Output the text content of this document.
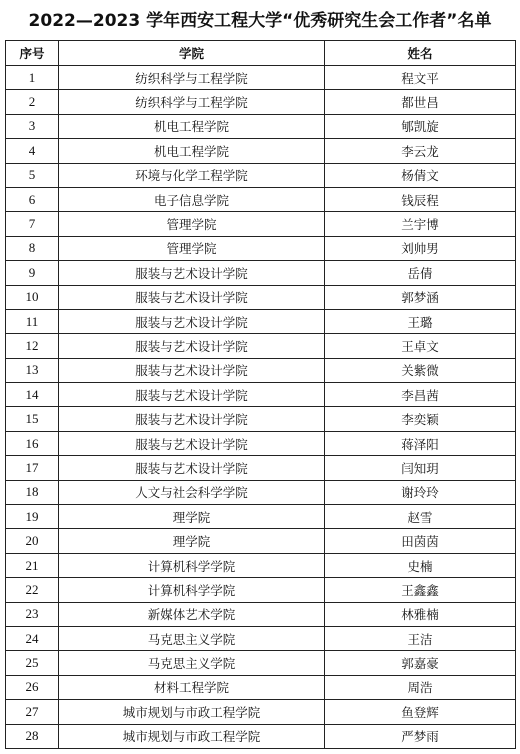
2022—2023 学年西安工程大学“优秀研究生会工作者”名单
序号	学院	姓名
1	纺织科学与工程学院	程文平
2	纺织科学与工程学院	都世昌
3	机电工程学院	郇凯旋
4	机电工程学院	李云龙
5	环境与化学工程学院	杨倩文
6	电子信息学院	钱辰程
7	管理学院	兰宇博
8	管理学院	刘帅男
9	服装与艺术设计学院	岳倩
10	服装与艺术设计学院	郭梦涵
11	服装与艺术设计学院	王璐
12	服装与艺术设计学院	王卓文
13	服装与艺术设计学院	关紫微
14	服装与艺术设计学院	李昌茜
15	服装与艺术设计学院	李奕颖
16	服装与艺术设计学院	蒋泽阳
17	服装与艺术设计学院	闫知玥
18	人文与社会科学学院	谢玲玲
19	理学院	赵雪
20	理学院	田茵茵
21	计算机科学学院	史楠
22	计算机科学学院	王鑫鑫
23	新媒体艺术学院	林雅楠
24	马克思主义学院	王洁
25	马克思主义学院	郭嘉豪
26	材料工程学院	周浩
27	城市规划与市政工程学院	鱼登辉
28	城市规划与市政工程学院	严梦雨
